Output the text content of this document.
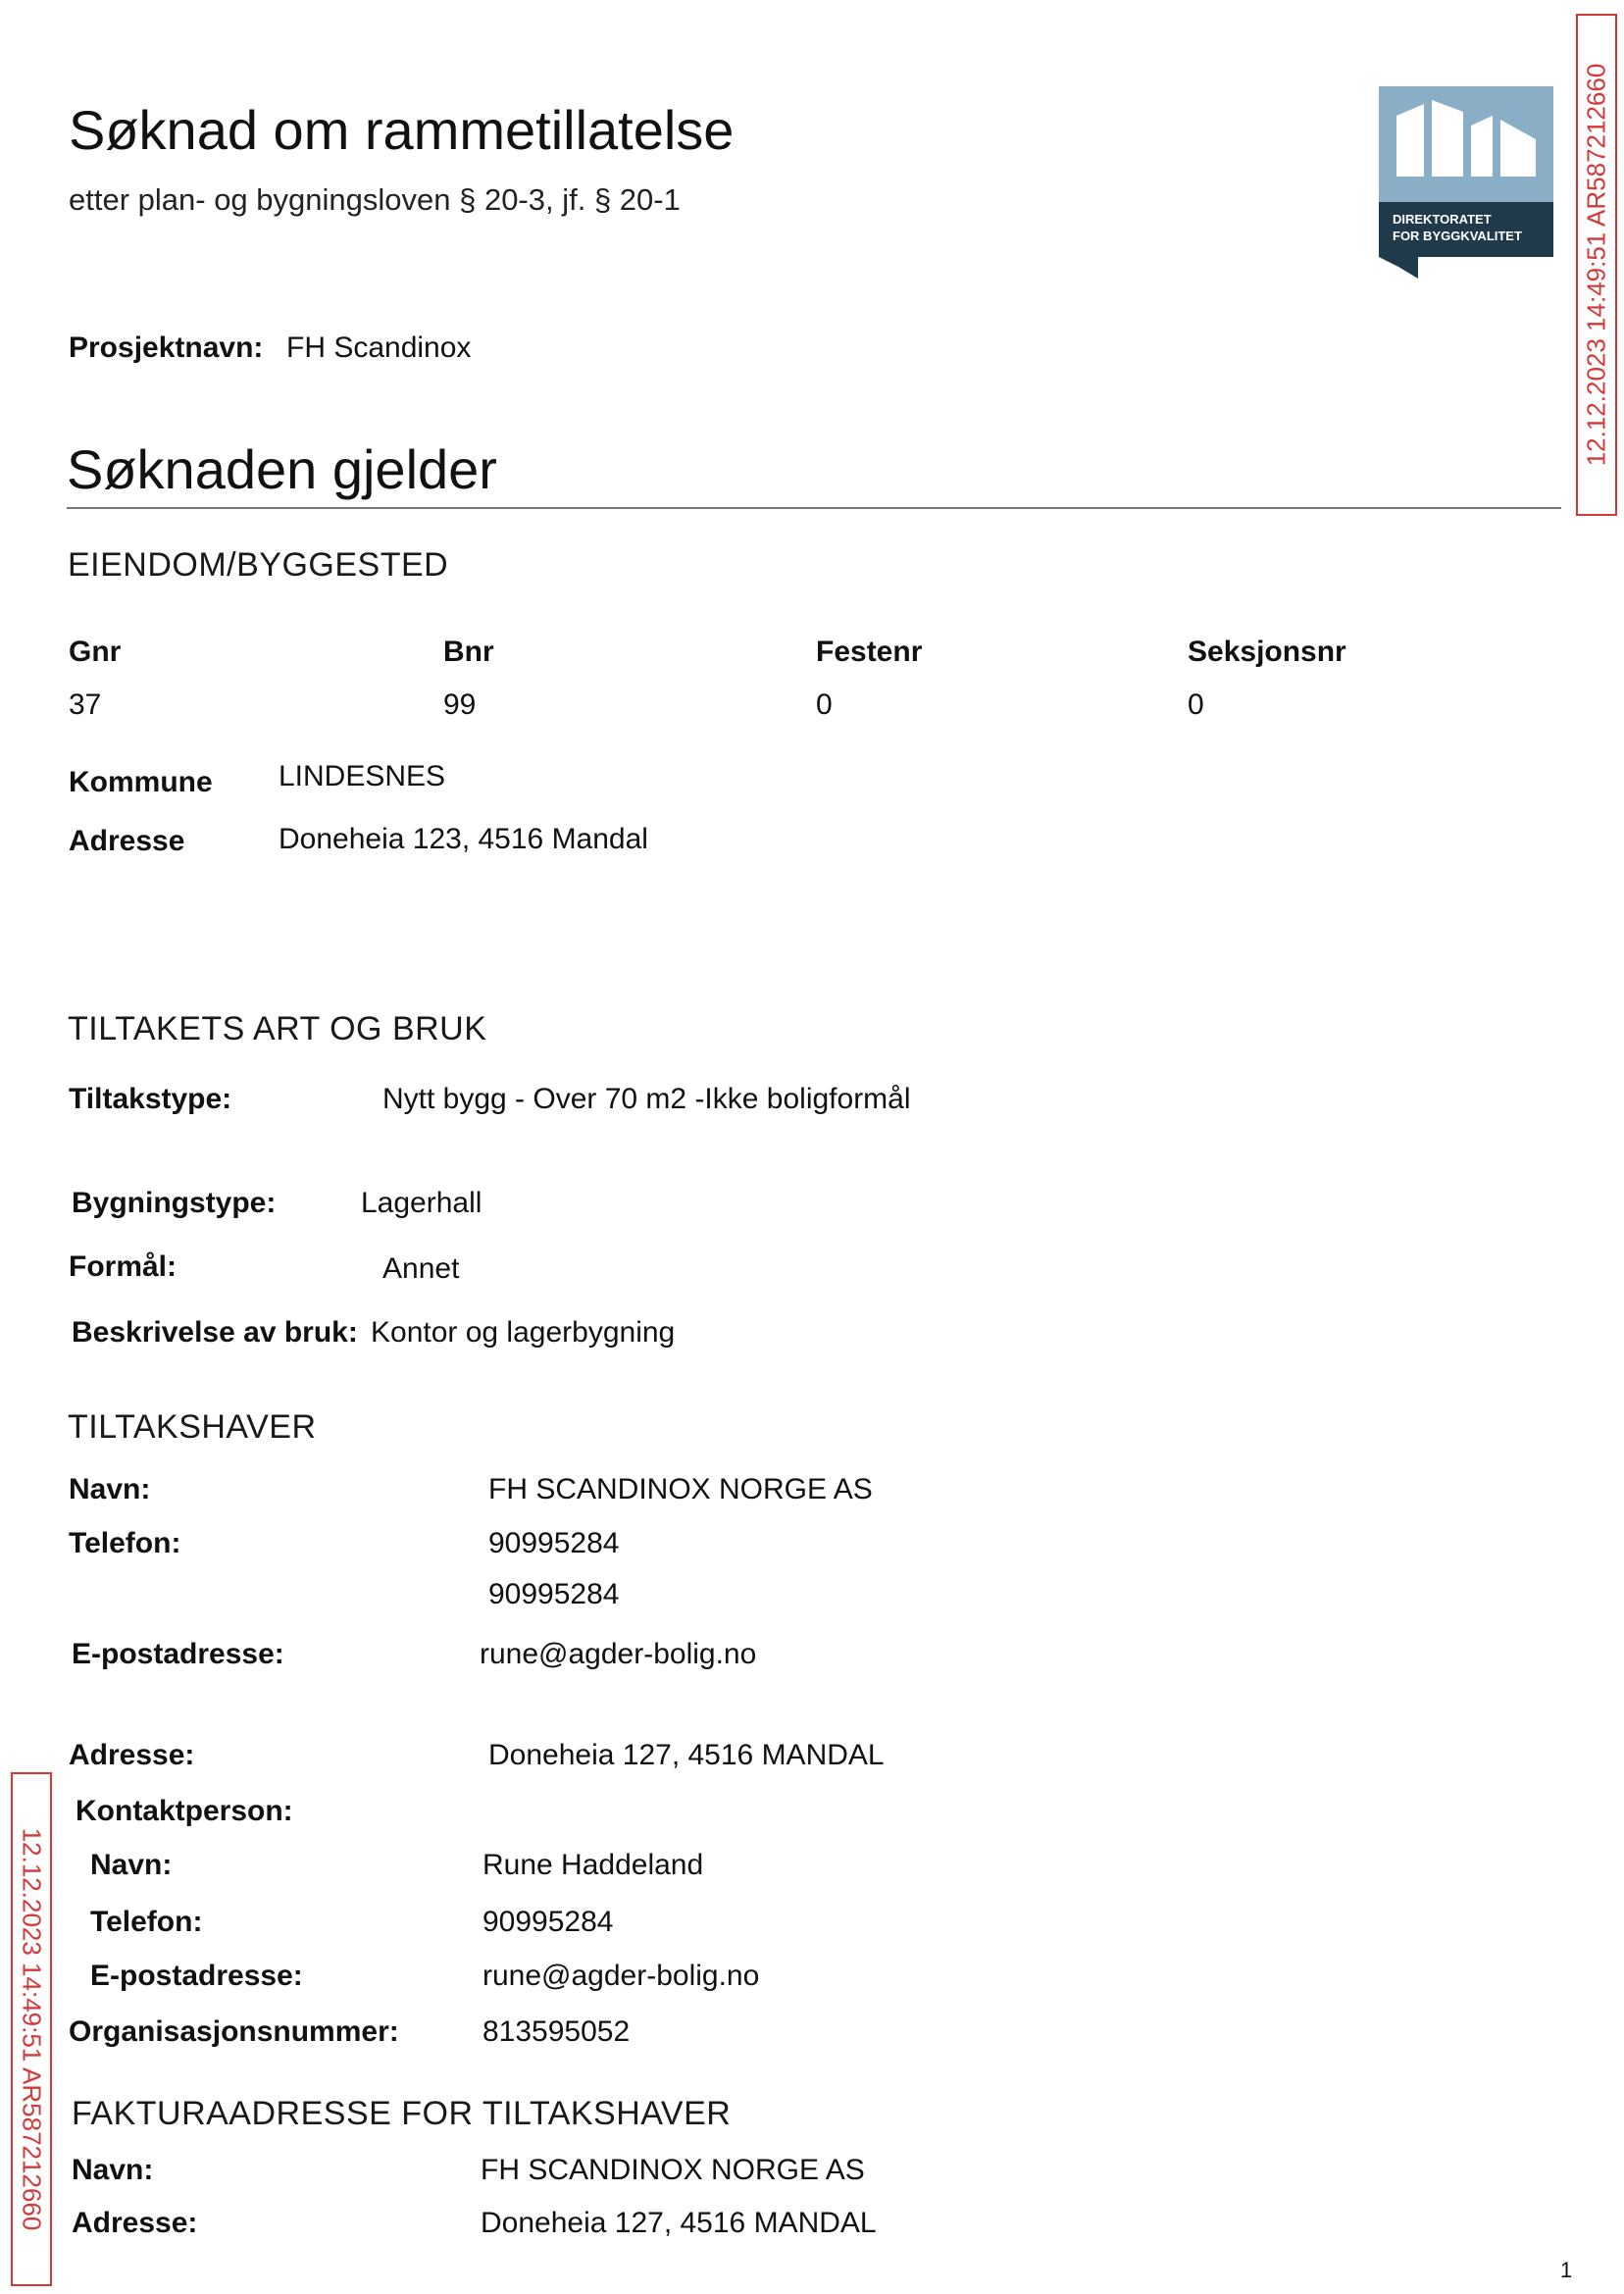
Søknad om rammetillatelse
etter plan- og bygningsloven § 20-3, jf. § 20-1
DIREKTORATET
FOR BYGGKVALITET 12.12.2023 14:49:51 AR587212660
12.12.2023 14:49:51 AR587212660
Prosjektnavn: FH Scandinox
Søknaden gjelder
EIENDOM/BYGGESTED
Gnr	Bnr	Festenr	Seksjonsnr
37	99	0	0
Kommune LINDESNES
Adresse	Doneheia 123, 4516 Mandal
TILTAKETS ART OG BRUK
Tiltakstype:	Nytt bygg - Over 70 m2 -Ikke boligformål
Bygningstype:	Lagerhall
Formål:	Annet
Beskrivelse av bruk: Kontor og lagerbygning
TILTAKSHAVER
Navn:	FH SCANDINOX NORGE AS
Telefon:	90995284
90995284
E-postadresse:	rune@agder-bolig.no
Adresse:	Doneheia 127, 4516 MANDAL
Kontaktperson:
Navn:	Rune Haddeland
Telefon:	90995284
E-postadresse:	rune@agder-bolig.no
Organisasjonsnummer:	813595052
FAKTURAADRESSE FOR TILTAKSHAVER
Navn:	FH SCANDINOX NORGE AS
Adresse:	Doneheia 127, 4516 MANDAL
1
